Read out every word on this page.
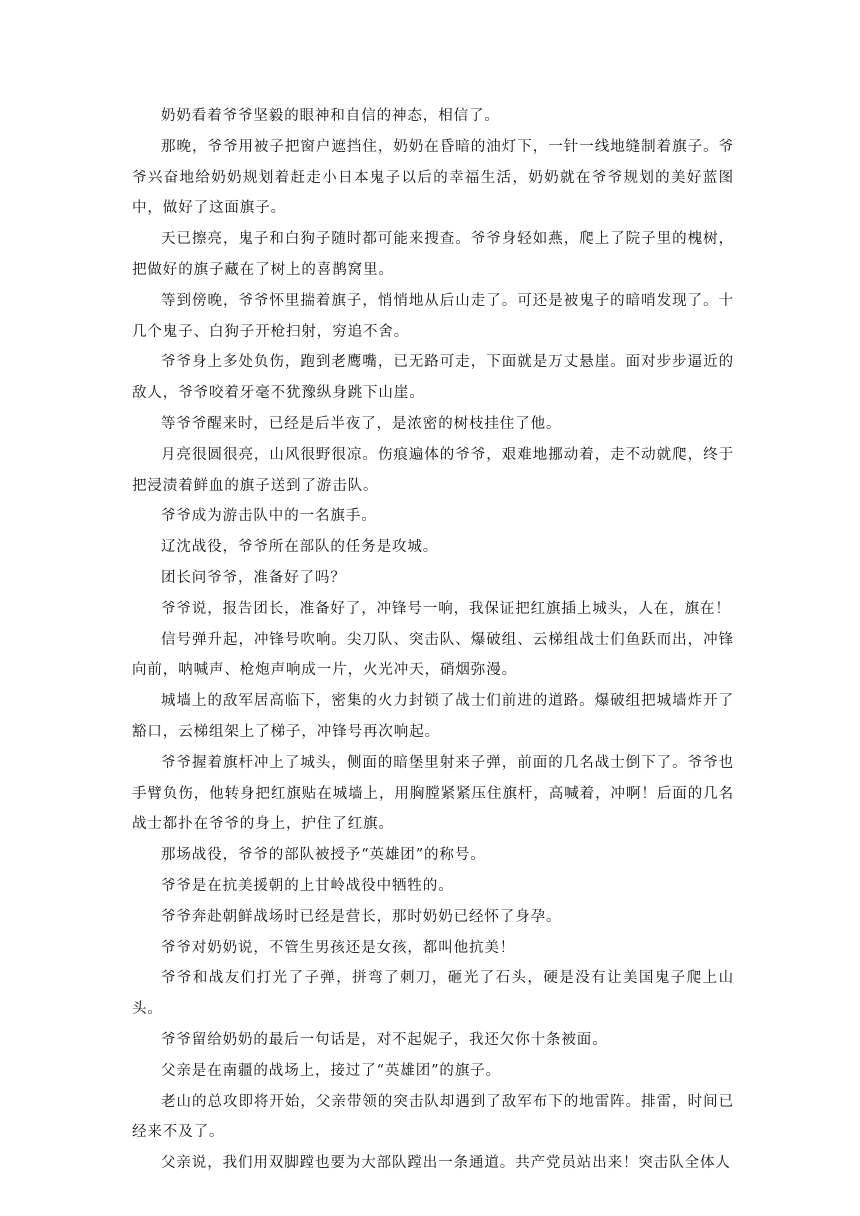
奶奶看着爷爷坚毅的眼神和自信的神态，相信了。

那晚，爷爷用被子把窗户遮挡住，奶奶在昏暗的油灯下，一针一线地缝制着旗子。爷爷兴奋地给奶奶规划着赶走小日本鬼子以后的幸福生活，奶奶就在爷爷规划的美好蓝图中，做好了这面旗子。

天已擦亮，鬼子和白狗子随时都可能来搜查。爷爷身轻如燕，爬上了院子里的槐树，把做好的旗子藏在了树上的喜鹊窝里。

等到傍晚，爷爷怀里揣着旗子，悄悄地从后山走了。可还是被鬼子的暗哨发现了。十几个鬼子、白狗子开枪扫射，穷追不舍。

爷爷身上多处负伤，跑到老鹰嘴，已无路可走，下面就是万丈悬崖。面对步步逼近的敌人，爷爷咬着牙毫不犹豫纵身跳下山崖。

等爷爷醒来时，已经是后半夜了，是浓密的树枝挂住了他。

月亮很圆很亮，山风很野很凉。伤痕遍体的爷爷，艰难地挪动着，走不动就爬，终于把浸渍着鲜血的旗子送到了游击队。

爷爷成为游击队中的一名旗手。

辽沈战役，爷爷所在部队的任务是攻城。

团长问爷爷，准备好了吗？

爷爷说，报告团长，准备好了，冲锋号一响，我保证把红旗插上城头，人在，旗在！

信号弹升起，冲锋号吹响。尖刀队、突击队、爆破组、云梯组战士们鱼跃而出，冲锋向前，呐喊声、枪炮声响成一片，火光冲天，硝烟弥漫。

城墙上的敌军居高临下，密集的火力封锁了战士们前进的道路。爆破组把城墙炸开了豁口，云梯组架上了梯子，冲锋号再次响起。

爷爷握着旗杆冲上了城头，侧面的暗堡里射来子弹，前面的几名战士倒下了。爷爷也手臂负伤，他转身把红旗贴在城墙上，用胸膛紧紧压住旗杆，高喊着，冲啊！后面的几名战士都扑在爷爷的身上，护住了红旗。

那场战役，爷爷的部队被授予“英雄团”的称号。

爷爷是在抗美援朝的上甘岭战役中牺牲的。

爷爷奔赴朝鲜战场时已经是营长，那时奶奶已经怀了身孕。

爷爷对奶奶说，不管生男孩还是女孩，都叫他抗美！

爷爷和战友们打光了子弹，拼弯了刺刀，砸光了石头，硬是没有让美国鬼子爬上山头。

爷爷留给奶奶的最后一句话是，对不起妮子，我还欠你十条被面。

父亲是在南疆的战场上，接过了“英雄团”的旗子。

老山的总攻即将开始，父亲带领的突击队却遇到了敌军布下的地雷阵。排雷，时间已经来不及了。

父亲说，我们用双脚蹚也要为大部队蹚出一条通道。共产党员站出来！突击队全体人
